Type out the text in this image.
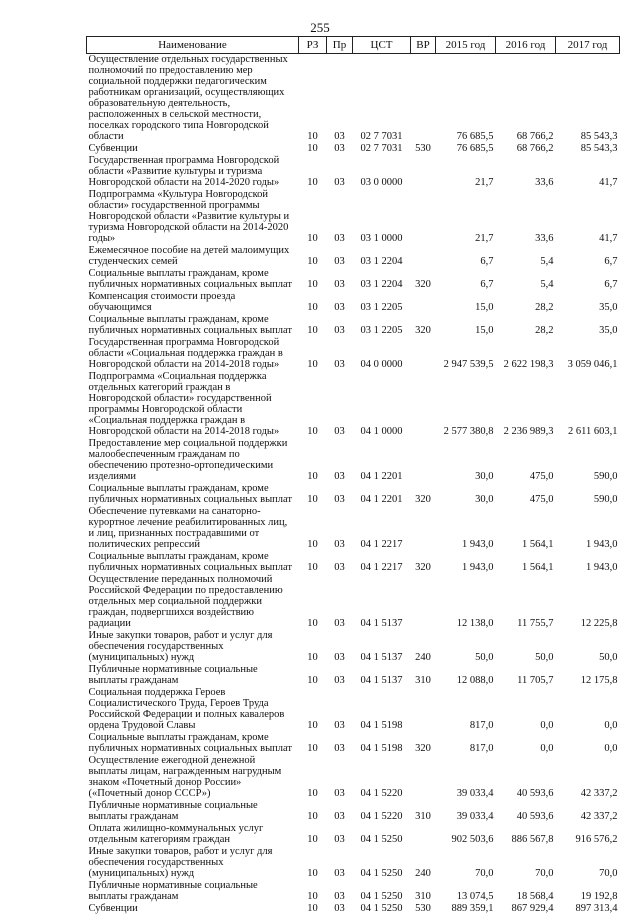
255
Наименование	РЗ	Пр	ЦСТ	ВР	2015 год	2016 год	2017 год
Осуществление отдельных государственных полномочий по предоставлению мер социальной поддержки педагогическим работникам организаций, осуществляющих образовательную деятельность, расположенных в сельской местности, поселках городского типа Новгородской области	10	03	02 7 7031		76 685,5	68 766,2	85 543,3
Субвенции	10	03	02 7 7031	530	76 685,5	68 766,2	85 543,3
Государственная программа Новгородской области «Развитие культуры и туризма Новгородской области на 2014-2020 годы»	10	03	03 0 0000		21,7	33,6	41,7
Подпрограмма «Культура Новгородской области» государственной программы Новгородской области «Развитие культуры и туризма Новгородской области на 2014-2020 годы»	10	03	03 1 0000		21,7	33,6	41,7
Ежемесячное пособие на детей малоимущих студенческих семей	10	03	03 1 2204		6,7	5,4	6,7
Социальные выплаты гражданам, кроме публичных нормативных социальных выплат	10	03	03 1 2204	320	6,7	5,4	6,7
Компенсация стоимости проезда обучающимся	10	03	03 1 2205		15,0	28,2	35,0
Социальные выплаты гражданам, кроме публичных нормативных социальных выплат	10	03	03 1 2205	320	15,0	28,2	35,0
Государственная программа Новгородской области «Социальная поддержка граждан в Новгородской области на 2014-2018 годы»	10	03	04 0 0000		2 947 539,5	2 622 198,3	3 059 046,1
Подпрограмма «Социальная поддержка отдельных категорий граждан в Новгородской области» государственной программы Новгородской области «Социальная поддержка граждан в Новгородской области на 2014-2018 годы»	10	03	04 1 0000		2 577 380,8	2 236 989,3	2 611 603,1
Предоставление мер социальной поддержки малообеспеченным гражданам по обеспечению протезно-ортопедическими изделиями	10	03	04 1 2201		30,0	475,0	590,0
Социальные выплаты гражданам, кроме публичных нормативных социальных выплат	10	03	04 1 2201	320	30,0	475,0	590,0
Обеспечение путевками на санаторно-курортное лечение реабилитированных лиц, и лиц, признанных пострадавшими от политических репрессий	10	03	04 1 2217		1 943,0	1 564,1	1 943,0
Социальные выплаты гражданам, кроме публичных нормативных социальных выплат	10	03	04 1 2217	320	1 943,0	1 564,1	1 943,0
Осуществление переданных полномочий Российской Федерации по предоставлению отдельных мер социальной поддержки граждан, подвергшихся воздействию радиации	10	03	04 1 5137		12 138,0	11 755,7	12 225,8
Иные закупки товаров, работ и услуг для обеспечения государственных (муниципальных) нужд	10	03	04 1 5137	240	50,0	50,0	50,0
Публичные нормативные социальные выплаты гражданам	10	03	04 1 5137	310	12 088,0	11 705,7	12 175,8
Социальная поддержка Героев Социалистического Труда, Героев Труда Российской Федерации и полных кавалеров ордена Трудовой Славы	10	03	04 1 5198		817,0	0,0	0,0
Социальные выплаты гражданам, кроме публичных нормативных социальных выплат	10	03	04 1 5198	320	817,0	0,0	0,0
Осуществление ежегодной денежной выплаты лицам, награжденным нагрудным знаком «Почетный донор России» («Почетный донор СССР»)	10	03	04 1 5220		39 033,4	40 593,6	42 337,2
Публичные нормативные социальные выплаты гражданам	10	03	04 1 5220	310	39 033,4	40 593,6	42 337,2
Оплата жилищно-коммунальных услуг отдельным категориям граждан	10	03	04 1 5250		902 503,6	886 567,8	916 576,2
Иные закупки товаров, работ и услуг для обеспечения государственных (муниципальных) нужд	10	03	04 1 5250	240	70,0	70,0	70,0
Публичные нормативные социальные выплаты гражданам	10	03	04 1 5250	310	13 074,5	18 568,4	19 192,8
Субвенции	10	03	04 1 5250	530	889 359,1	867 929,4	897 313,4
